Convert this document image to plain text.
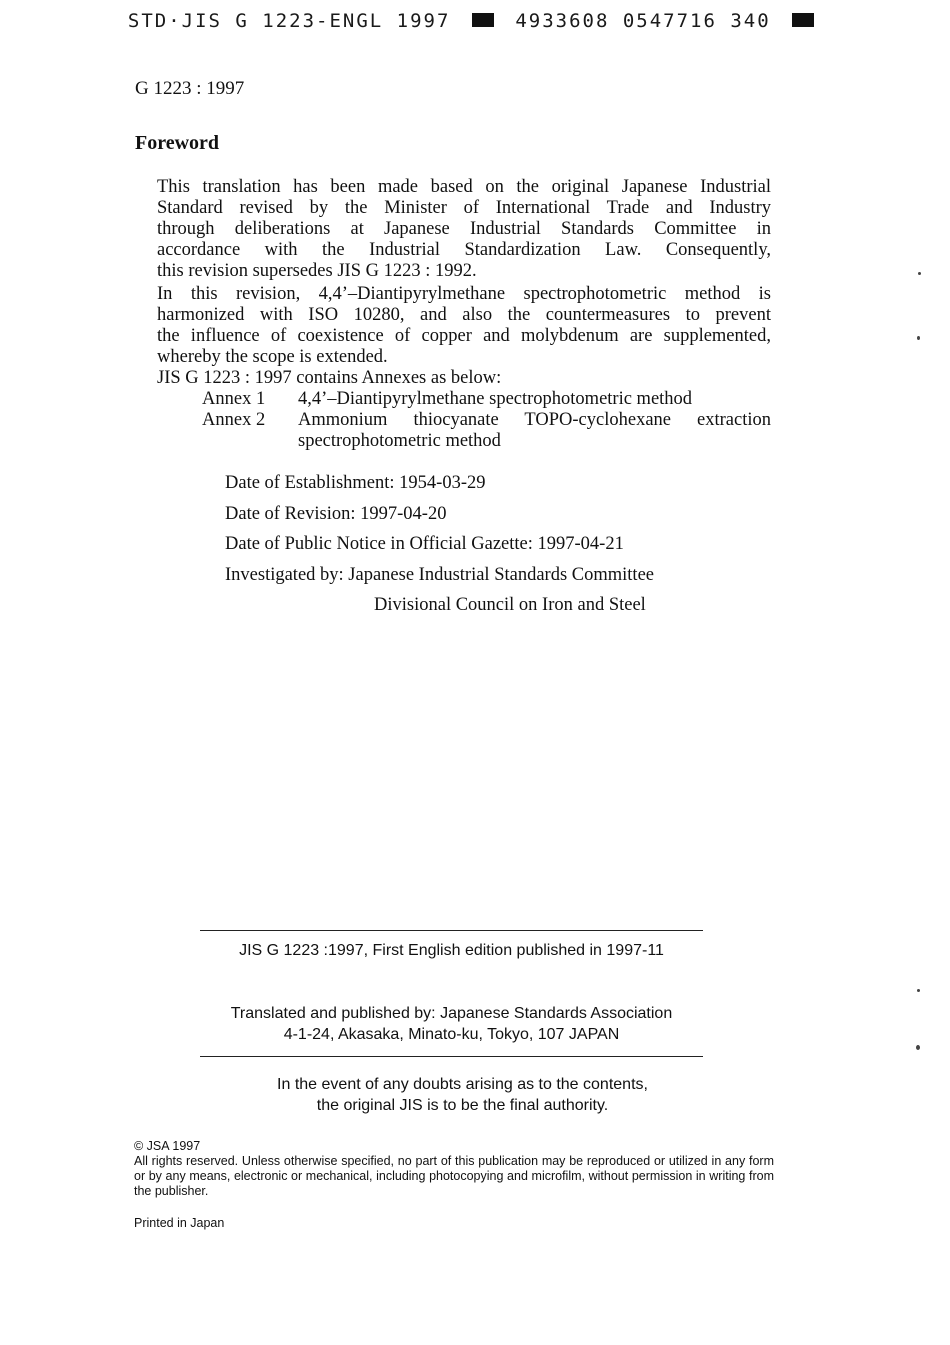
STD·JIS G 1223-ENGL 1997	4933608 0547716 340
G 1223 : 1997
Foreword
This translation has been made based on the original Japanese Industrial
Standard revised by the Minister of International Trade and Industry
through deliberations at Japanese Industrial Standards Committee in
accordance with the Industrial Standardization Law. Consequently,
this revision supersedes JIS G 1223 : 1992.
In this revision, 4,4’–Diantipyrylmethane spectrophotometric method is
harmonized with ISO 10280, and also the countermeasures to prevent
the influence of coexistence of copper and molybdenum are supplemented,
whereby the scope is extended.
JIS G 1223 : 1997 contains Annexes as below:
Annex 1	4,4’–Diantipyrylmethane spectrophotometric method
Annex 2	Ammonium thiocyanate TOPO-cyclohexane extraction
spectrophotometric method
Date of Establishment: 1954-03-29
Date of Revision: 1997-04-20
Date of Public Notice in Official Gazette: 1997-04-21
Investigated by: Japanese Industrial Standards Committee
Divisional Council on Iron and Steel
JIS G 1223 :1997, First English edition published in 1997-11
Translated and published by: Japanese Standards Association
4-1-24, Akasaka, Minato-ku, Tokyo, 107 JAPAN
In the event of any doubts arising as to the contents,
the original JIS is to be the final authority.
© JSA 1997
All rights reserved. Unless otherwise specified, no part of this publication may be reproduced or utilized in any form or by any means, electronic or mechanical, including photocopying and microfilm, without permission in writing from the publisher.
Printed in Japan
